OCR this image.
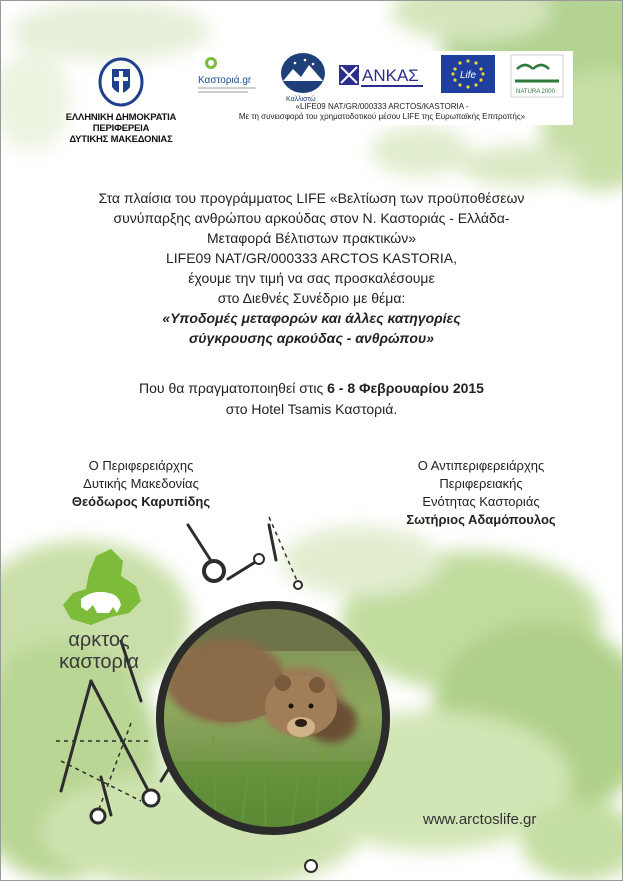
ΕΛΛΗΝΙΚΗ ΔΗΜΟΚΡΑΤΙΑ
ΠΕΡΙΦΕΡΕΙΑ
ΔΥΤΙΚΗΣ ΜΑΚΕΔΟΝΙΑΣ
Καστοριά.gr
Καλλιστώ
ΑΝΚΑΣ	Life
NATURA 2000
«LIFE09 NAT/GR/000333 ARCTOS/KASTORIA -
Με τη συνεισφορά του χρηματοδοτικού μέσου LIFE της Ευρωπαϊκής Επιτροπής»
Στα πλαίσια του προγράμματος LIFE «Βελτίωση των προϋποθέσεων
συνύπαρξης ανθρώπου αρκούδας στον Ν. Καστοριάς - Ελλάδα-
Μεταφορά Βέλτιστων πρακτικών»
LIFE09 NAT/GR/000333 ARCTOS KASTORIA,
έχουμε την τιμή να σας προσκαλέσουμε
στο Διεθνές Συνέδριο με θέμα:
«Υποδομές μεταφορών και άλλες κατηγορίες
σύγκρουσης αρκούδας - ανθρώπου»
Που θα πραγματοποιηθεί στις 6 - 8 Φεβρουαρίου 2015
στο Hotel Tsamis Καστοριά.
Ο Περιφερειάρχης
Δυτικής Μακεδονίας
Θεόδωρος Καρυπίδης
Ο Αντιπεριφερειάρχης
Περιφερειακής
Ενότητας Καστοριάς
Σωτήριος Αδαμόπουλος
αρκτος
καστορια
www.arctoslife.gr
